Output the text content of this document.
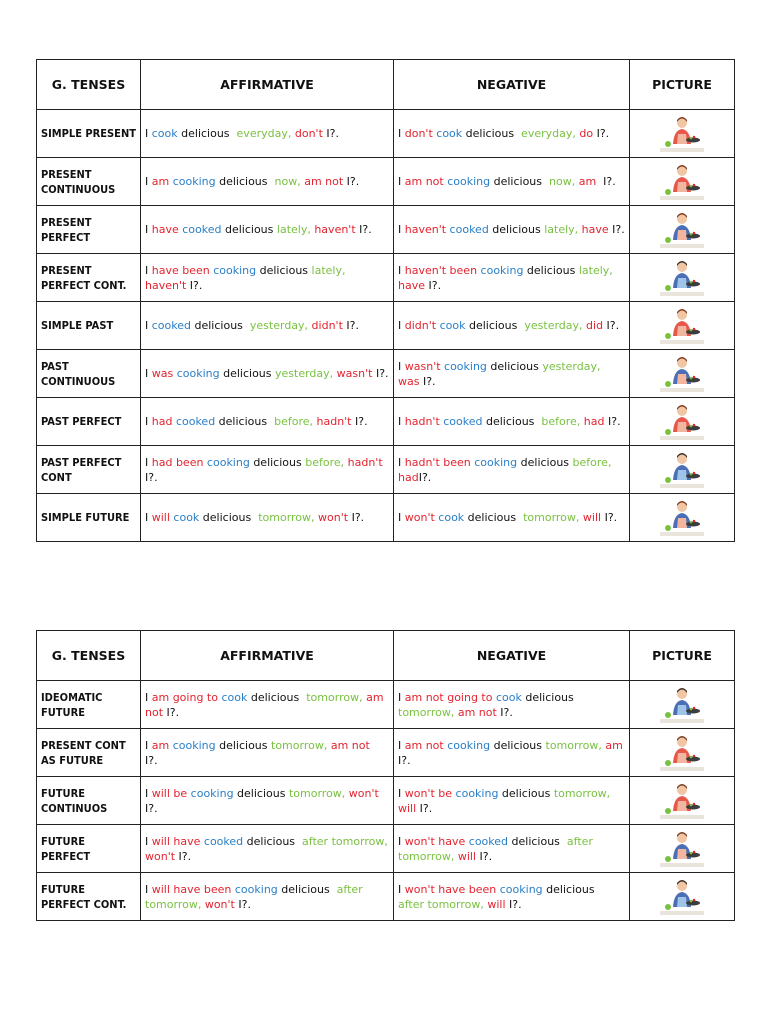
G. TENSES	AFFIRMATIVE	NEGATIVE	PICTURE
SIMPLE PRESENT	I cook delicious  everyday, don't I?.	I don't cook delicious  everyday, do I?.	
PRESENT CONTINUOUS	I am cooking delicious  now, am not I?.	I am not cooking delicious  now, am  I?.	
PRESENT PERFECT	I have cooked delicious lately, haven't I?.	I haven't cooked delicious lately, have I?.	
PRESENT PERFECT CONT.	I have been cooking delicious lately, haven't I?.	I haven't been cooking delicious lately, have I?.	
SIMPLE PAST	I cooked delicious  yesterday, didn't I?.	I didn't cook delicious  yesterday, did I?.	
PAST CONTINUOUS	I was cooking delicious yesterday, wasn't I?.	I wasn't cooking delicious yesterday, was I?.	
PAST PERFECT	I had cooked delicious  before, hadn't I?.	I hadn't cooked delicious  before, had I?.	
PAST PERFECT CONT	I had been cooking delicious before, hadn't I?.	I hadn't been cooking delicious before, hadI?.	
SIMPLE FUTURE	I will cook delicious  tomorrow, won't I?.	I won't cook delicious  tomorrow, will I?.	
G. TENSES	AFFIRMATIVE	NEGATIVE	PICTURE
IDEOMATIC FUTURE	I am going to cook delicious  tomorrow, am not I?.	I am not going to cook delicious tomorrow, am not I?.	
PRESENT CONT AS FUTURE	I am cooking delicious tomorrow, am not  I?.	I am not cooking delicious tomorrow, am I?.	
FUTURE CONTINUOS	I will be cooking delicious tomorrow, won't I?.	I won't be cooking delicious tomorrow, will I?.	
FUTURE PERFECT	I will have cooked delicious  after tomorrow, won't I?.	I won't have cooked delicious  after tomorrow, will I?.	
FUTURE PERFECT CONT.	I will have been cooking delicious  after tomorrow, won't I?.	I won't have been cooking delicious  after tomorrow, will I?.	
